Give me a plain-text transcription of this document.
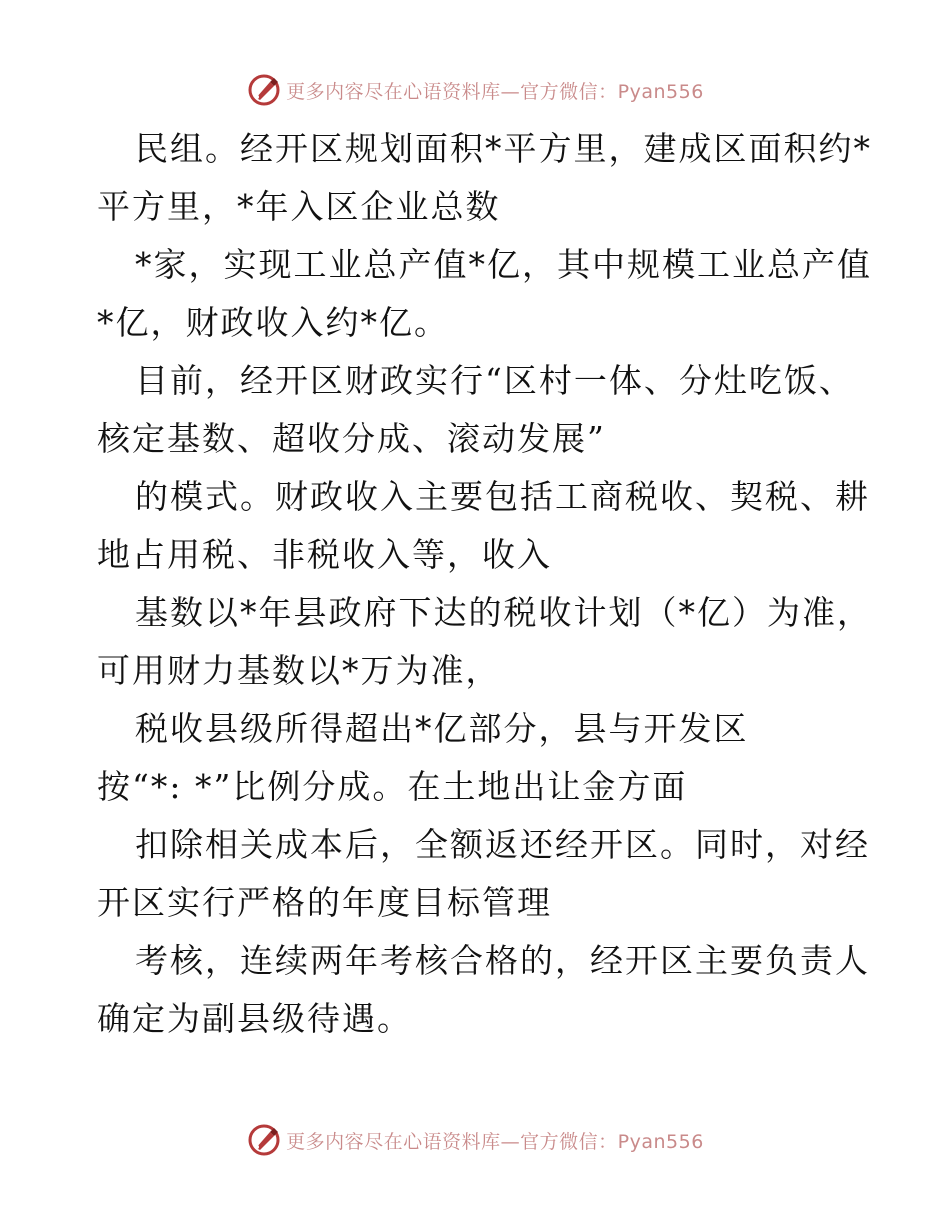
更多内容尽在心语资料库—官方微信：Pyan556
民组。经开区规划面积*平方里，建成区面积约*
平方里，*年入区企业总数
*家，实现工业总产值*亿，其中规模工业总产值
*亿，财政收入约*亿。
目前，经开区财政实行“区村一体、分灶吃饭、
核定基数、超收分成、滚动发展”
的模式。财政收入主要包括工商税收、契税、耕
地占用税、非税收入等，收入
基数以*年县政府下达的税收计划（*亿）为准，
可用财力基数以*万为准，
税收县级所得超出*亿部分，县与开发区
按“*: *”比例分成。在土地出让金方面
扣除相关成本后，全额返还经开区。同时，对经
开区实行严格的年度目标管理
考核，连续两年考核合格的，经开区主要负责人
确定为副县级待遇。
更多内容尽在心语资料库—官方微信：Pyan556
